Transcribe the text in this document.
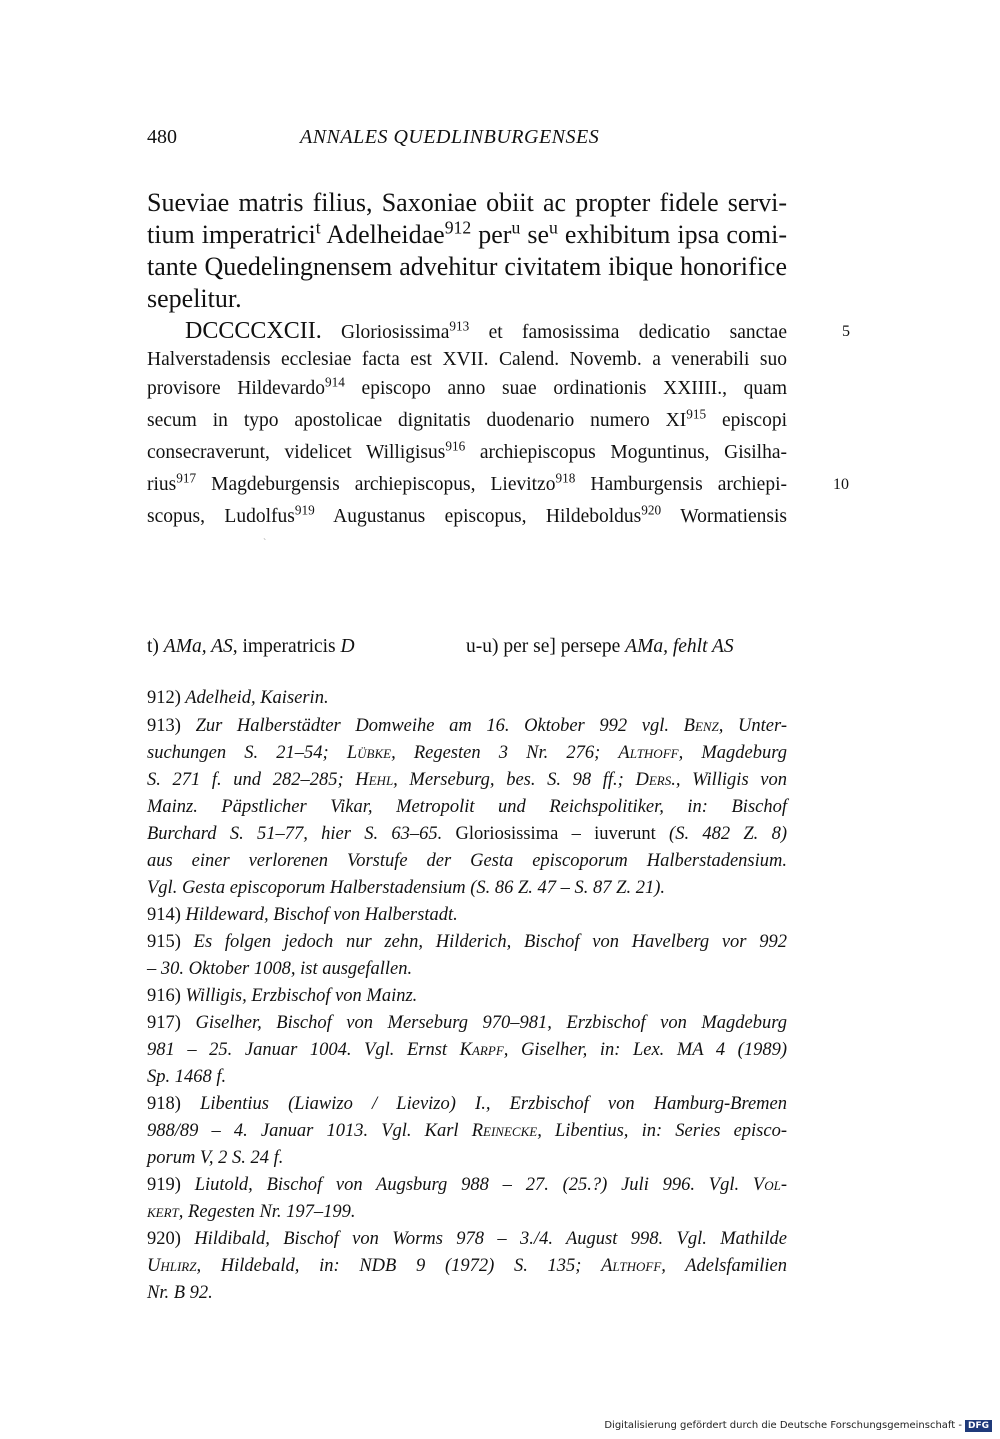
480	ANNALES QUEDLINBURGENSES
Sueviae matris filius, Saxoniae obiit ac propter fidele servi-
tium imperatrici$^t$ Adelheidae$^{912}$ per$^u$ $se^u$ exhibitum ipsa comi-
tante Quedelingnensem advehitur civitatem ibique honorifice
sepelitur.
DCCCCXCII. Gloriosissima$^{913}$ et famosissima dedicatio sanctae	5
Halverstadensis ecclesiae facta est XVII. Calend. Novemb. a venerabili suo
provisore Hildevardo$^{914}$ episcopo anno suae ordinationis XXIIII., quam
secum in typo apostolicae dignitatis duodenario numero XI$^{915}$ episcopi
consecraverunt, videlicet Willigisus$^{916}$ archiepiscopus Moguntinus, Gisilha-
rius$^{917}$ Magdeburgensis archiepiscopus, Lievitzo$^{918}$ Hamburgensis archiepi-	10
scopus, Ludolfus$^{919}$ Augustanus episcopus, Hildeboldus$^{920}$ Wormatiensis
`
t) AMa, AS, imperatricis D	u-u) per se] persepe AMa, fehlt AS
912) Adelheid, Kaiserin.
913) Zur Halberstädter Domweihe am 16. Oktober 992 vgl. Benz, Unter-
suchungen S. 21–54; Lübke, Regesten 3 Nr. 276; Althoff, Magdeburg
S. 271 f. und 282–285; Hehl, Merseburg, bes. S. 98 ff.; Ders., Willigis von
Mainz. Päpstlicher Vikar, Metropolit und Reichspolitiker, in: Bischof
Burchard S. 51–77, hier S. 63–65. Gloriosissima – iuverunt (S. 482 Z. 8)
aus einer verlorenen Vorstufe der Gesta episcoporum Halberstadensium.
Vgl. Gesta episcoporum Halberstadensium (S. 86 Z. 47 – S. 87 Z. 21).
914) Hildeward, Bischof von Halberstadt.
915) Es folgen jedoch nur zehn, Hilderich, Bischof von Havelberg vor 992
– 30. Oktober 1008, ist ausgefallen.
916) Willigis, Erzbischof von Mainz.
917) Giselher, Bischof von Merseburg 970–981, Erzbischof von Magdeburg
981 – 25. Januar 1004. Vgl. Ernst Karpf, Giselher, in: Lex. MA 4 (1989)
Sp. 1468 f.
918) Libentius (Liawizo / Lievizo) I., Erzbischof von Hamburg-Bremen
988/89 – 4. Januar 1013. Vgl. Karl Reinecke, Libentius, in: Series episco-
porum V, 2 S. 24 f.
919) Liutold, Bischof von Augsburg 988 – 27. (25.?) Juli 996. Vgl. Vol-
kert, Regesten Nr. 197–199.
920) Hildibald, Bischof von Worms 978 – 3./4. August 998. Vgl. Mathilde
Uhlirz, Hildebald, in: NDB 9 (1972) S. 135; Althoff, Adelsfamilien
Nr. B 92.
Digitalisierung gefördert durch die Deutsche Forschungsgemeinschaft - DFG
